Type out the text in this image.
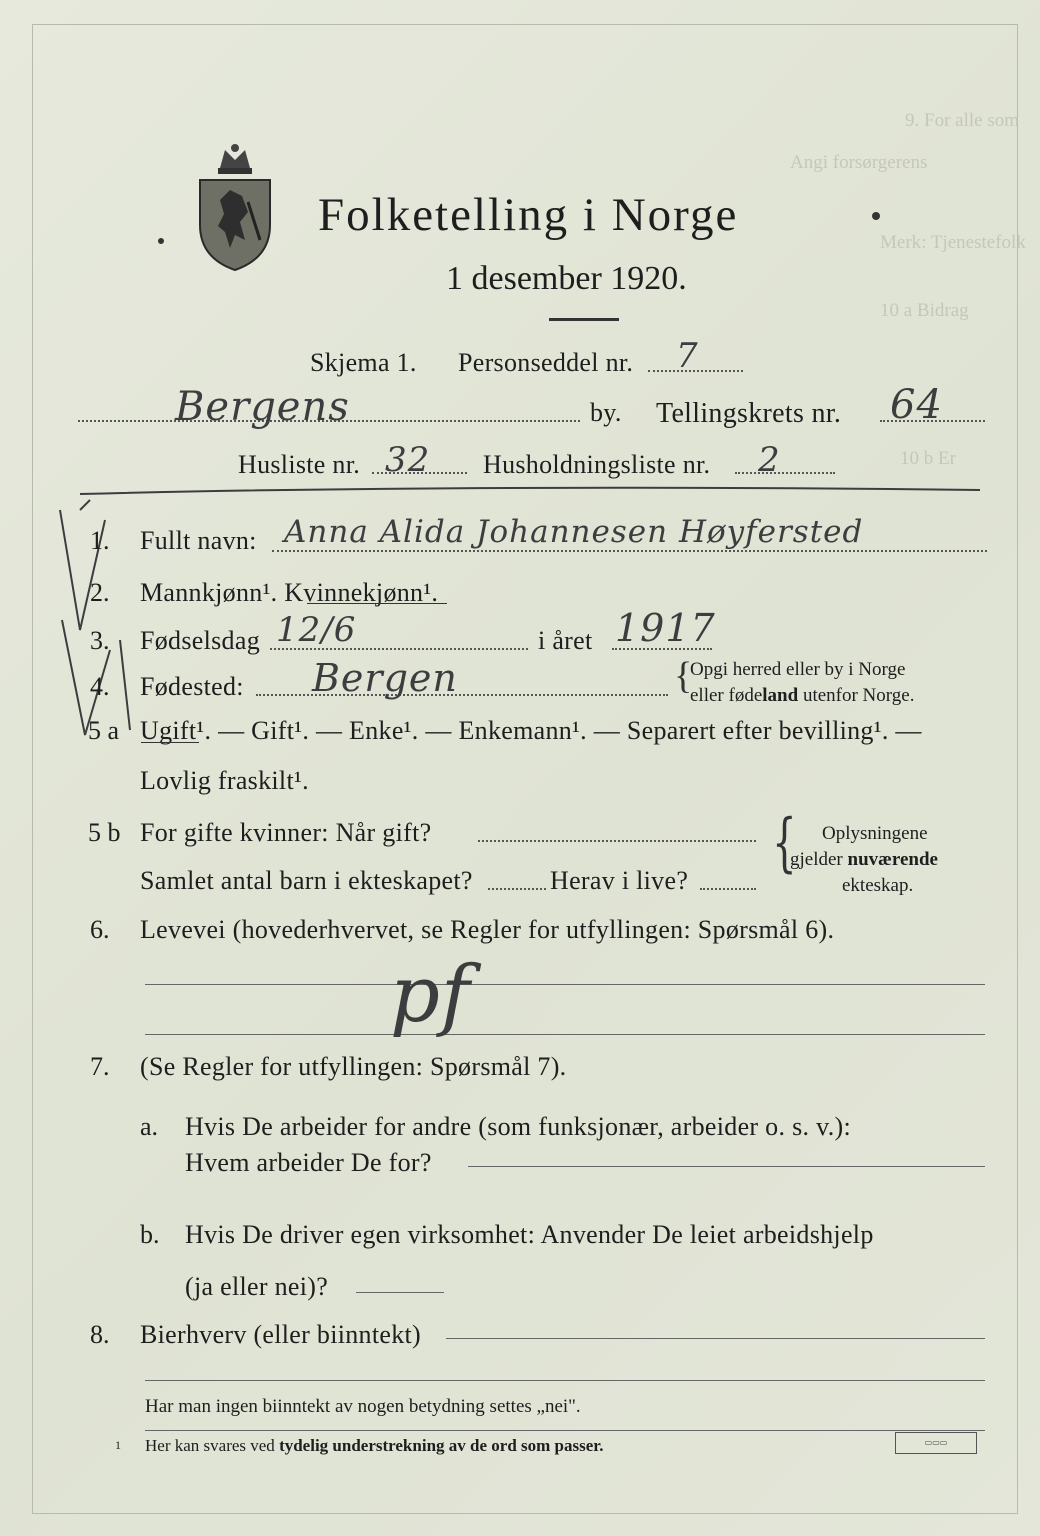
9. For alle som
Angi forsørgerens
Merk: Tjenestefolk
10 a Bidrag
10 b Er
Folketelling i Norge
1 desember 1920.
Skjema 1. Personseddel nr. 7
Bergens	by. Tellingskrets nr. 64
Husliste nr. 32 Husholdningsliste nr. 2
1. Fullt navn: Anna Alida Johannesen Høyfersted
2. Mannkjønn¹. Kvinnekjønn¹.
3. Fødselsdag 12/6	i året 1917
4. Fødested: Bergen	{
Opgi herred eller by i Norge
eller fødeland utenfor Norge.
5 a Ugift¹. — Gift¹. — Enke¹. — Enkemann¹. — Separert efter bevilling¹. —
Lovlig fraskilt¹.
5 b For gifte kvinner: Når gift?
Samlet antal barn i ekteskapet?	Herav i live?
{ Oplysningene
gjelder nuværende
ekteskap.
6. Levevei (hovederhvervet, se Regler for utfyllingen: Spørsmål 6).
pf
7. (Se Regler for utfyllingen: Spørsmål 7).
a. Hvis De arbeider for andre (som funksjonær, arbeider o. s. v.):
Hvem arbeider De for?
b. Hvis De driver egen virksomhet: Anvender De leiet arbeidshjelp
(ja eller nei)?
8. Bierhverv (eller biinntekt)
Har man ingen biinntekt av nogen betydning settes „nei".
1 Her kan svares ved tydelig understrekning av de ord som passer.	▭▭▭
